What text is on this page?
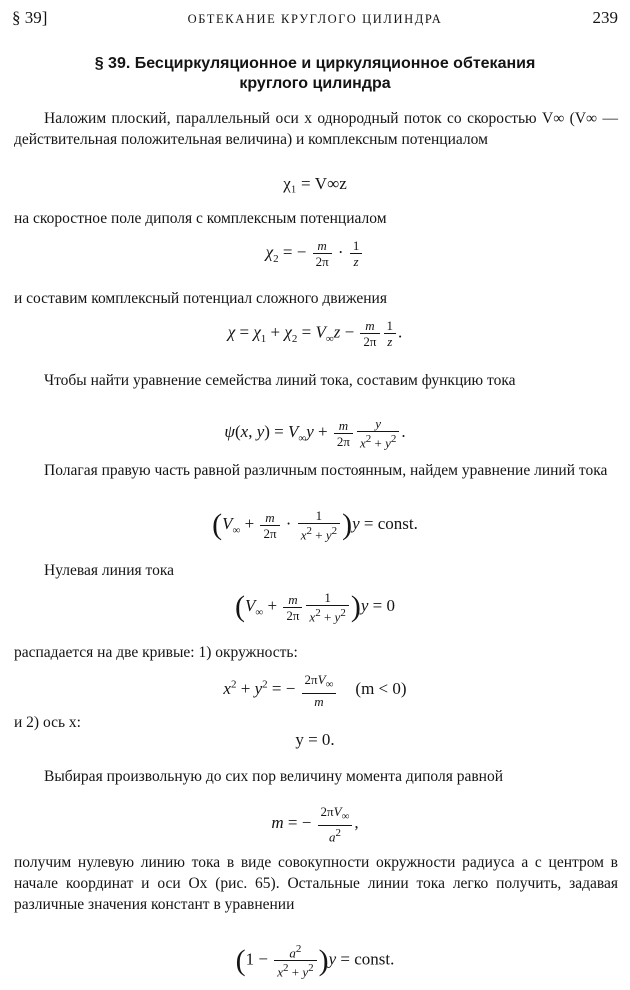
§ 39]	ОБТЕКАНИЕ КРУГЛОГО ЦИЛИНДРА	239
§ 39. Бесциркуляционное и циркуляционное обтекания
круглого цилиндра
Наложим плоский, параллельный оси x однородный поток со скоростью V∞ (V∞ — действительная положительная величина) и комплексным потенциалом
χ₁ = V∞z
на скоростное поле диполя с комплексным потенциалом
$\chi_2$ = − $\frac{m}{2\pi} \cdot \frac{1}{z}$
и составим комплексный потенциал сложного движения
$\chi = \chi_1 + \chi_2 = V_\infty z - \frac{m}{2\pi} \frac{1}{z}$ .
Чтобы найти уравнение семейства линий тока, составим функцию тока
ψ(x, $y) = V_\infty y + \frac{m}{2\pi} \frac{y}{x^2 + y^2}$ .
Полагая правую часть равной различным постоянным, найдем уравнение линий тока
$(V_\infty + \frac{m}{2\pi} \cdot \frac{1}{x^2 + y^2} )y$ = const.
Нулевая линия тока
$(V_\infty + \frac{m}{2\pi} \frac{1}{x^2 + y^2} )y = 0$
распадается на две кривые: 1) окружность:
$x^2 + y^2$ = − $\frac{2\pi V_\infty}{m} (m < 0)$
и 2) ось x:
y = 0.
Выбирая произвольную до сих пор величину момента диполя равной
m = − $\frac{2\pi V_\infty}{a^2}$ ,
получим нулевую линию тока в виде совокупности окружности радиуса a с центром в начале координат и оси Ox (рис. 65). Остальные линии тока легко получить, задавая различные значения констант в уравнении
$(1 - \frac{a^2}{x^2 + y^2} )y$ = const.
